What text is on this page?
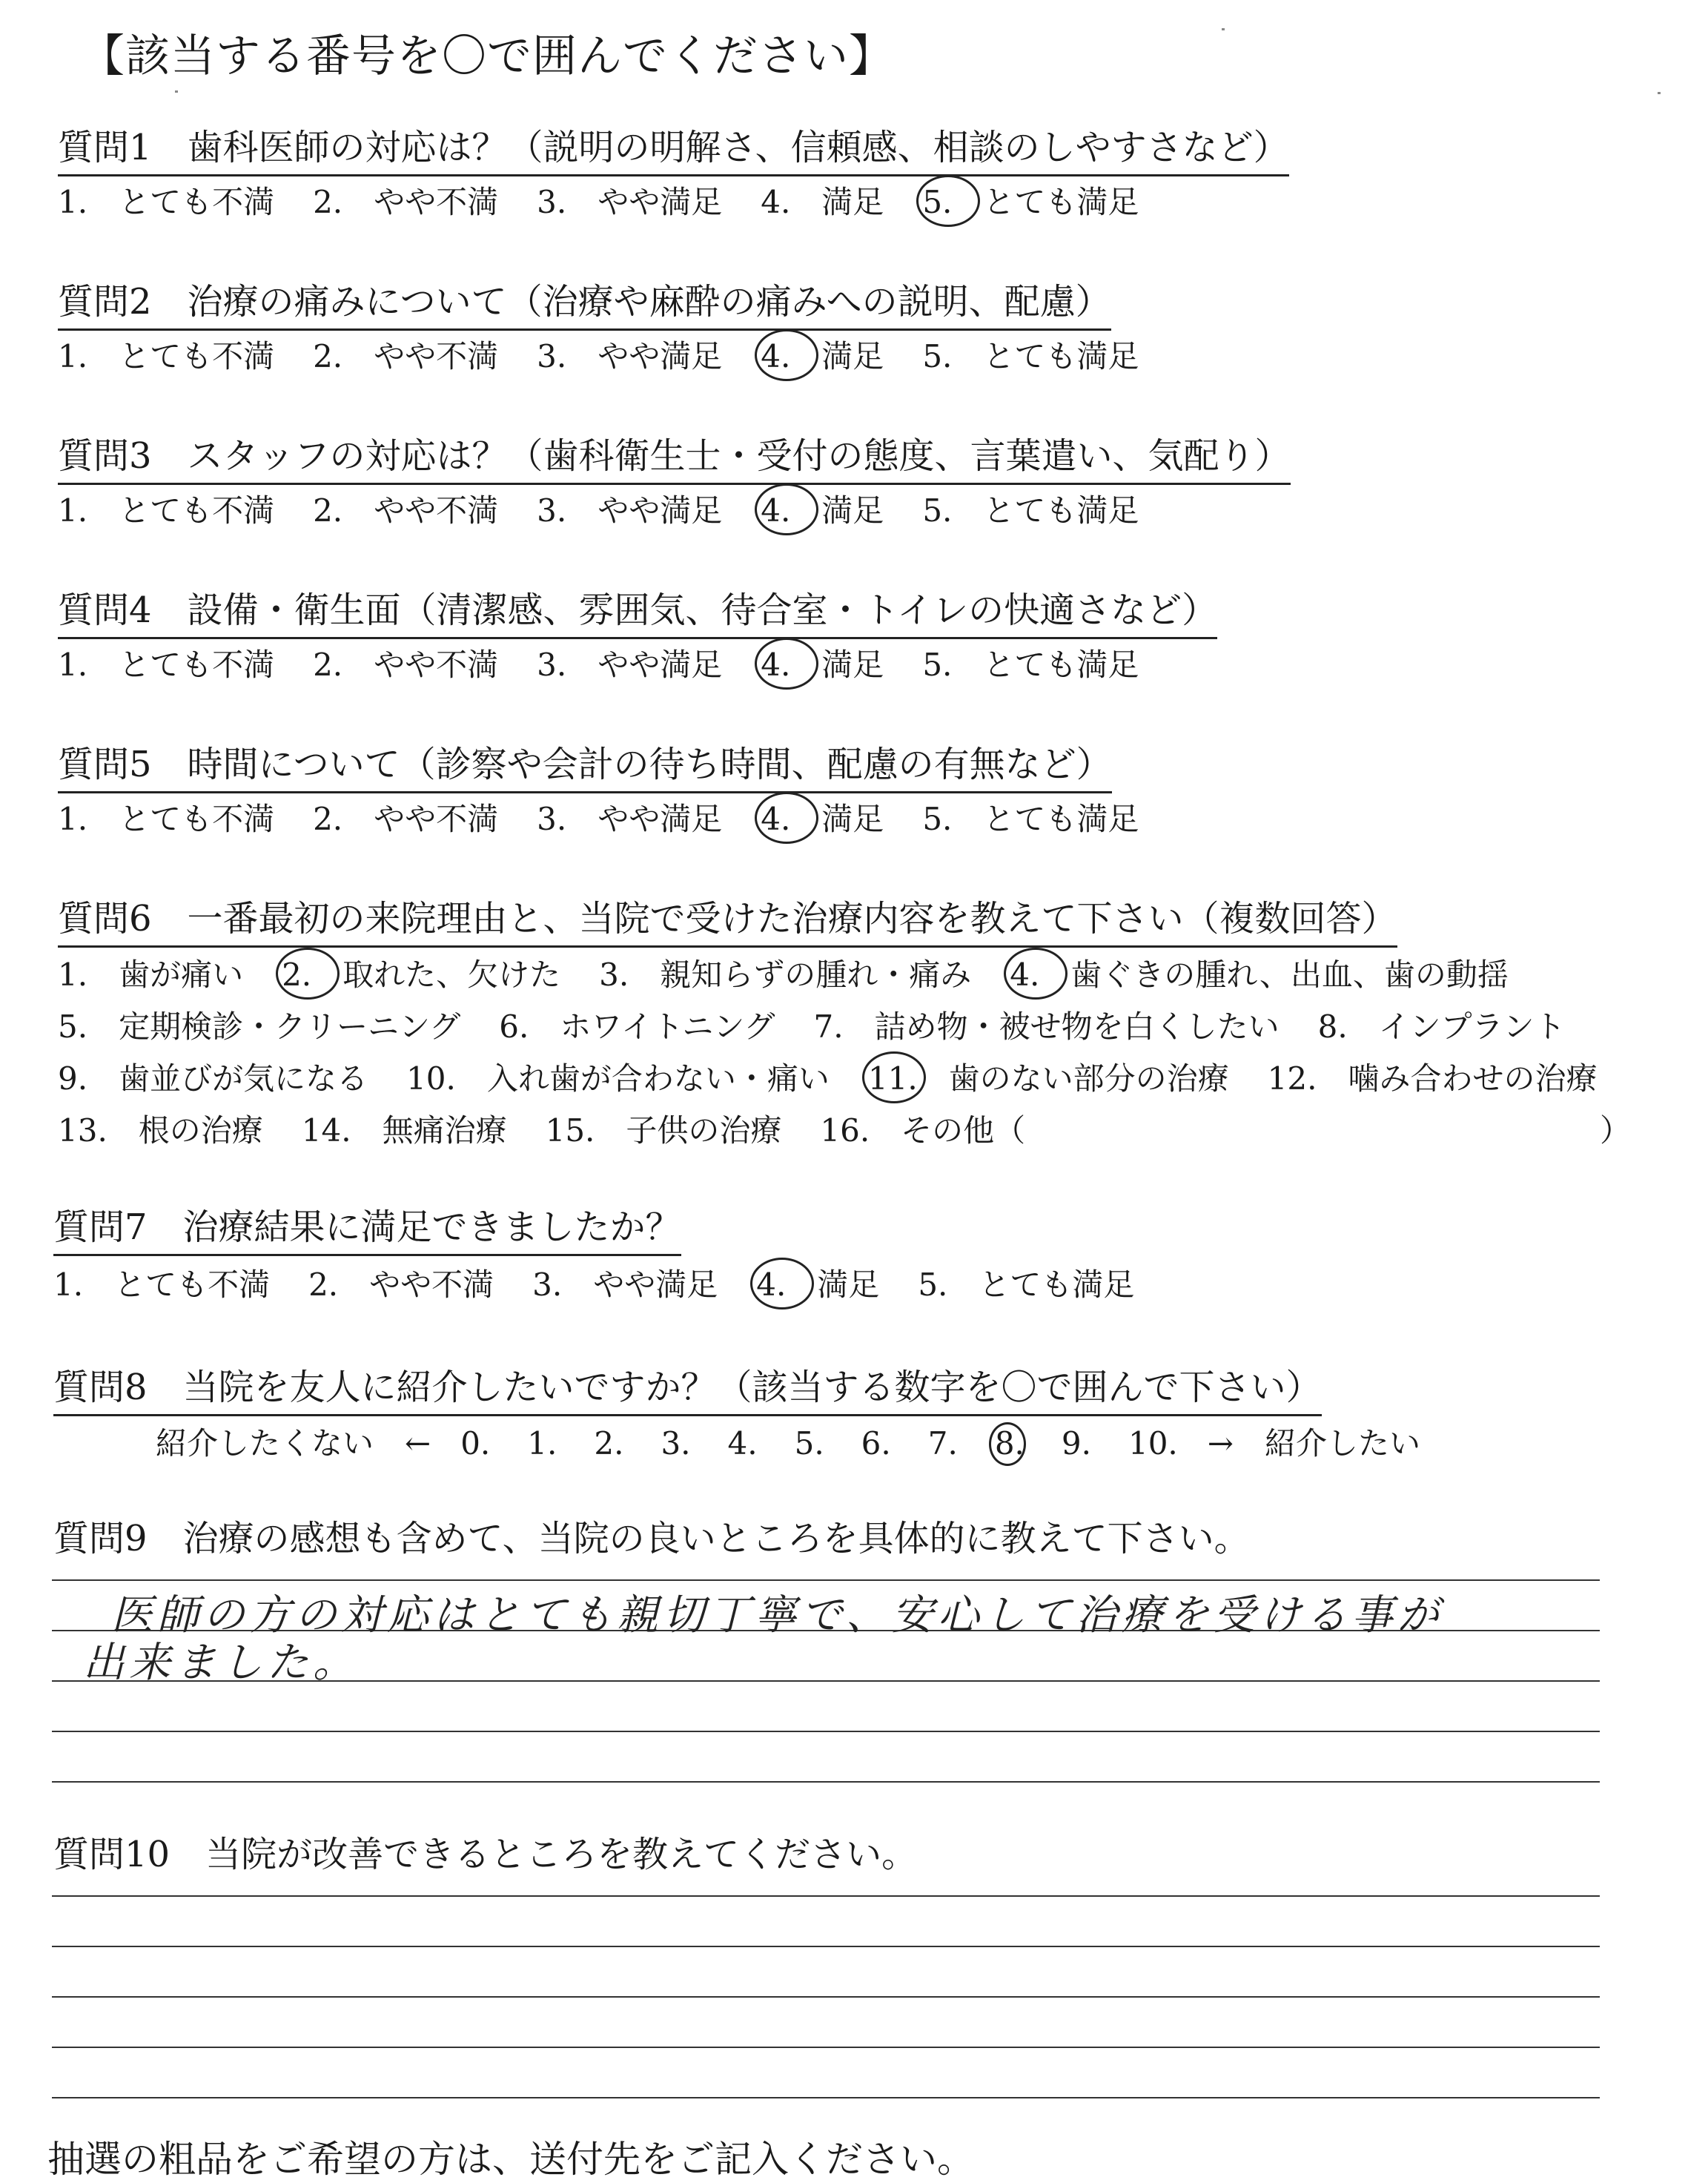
【該当する番号を〇で囲んでください】
質問1　歯科医師の対応は？（説明の明解さ、信頼感、相談のしやすさなど）
1.　とても不満 2.　やや不満 3.　やや満足 4.　満足 5.　とても満足
質問2　治療の痛みについて（治療や麻酔の痛みへの説明、配慮）
1.　とても不満 2.　やや不満 3.　やや満足 4.　満足 5.　とても満足
質問3　スタッフの対応は？（歯科衛生士・受付の態度、言葉遣い、気配り）
1.　とても不満 2.　やや不満 3.　やや満足 4.　満足 5.　とても満足
質問4　設備・衛生面（清潔感、雰囲気、待合室・トイレの快適さなど）
1.　とても不満 2.　やや不満 3.　やや満足 4.　満足 5.　とても満足
質問5　時間について（診察や会計の待ち時間、配慮の有無など）
1.　とても不満 2.　やや不満 3.　やや満足 4.　満足 5.　とても満足
質問6　一番最初の来院理由と、当院で受けた治療内容を教えて下さい（複数回答）
1.　歯が痛い 2.　取れた、欠けた 3.　親知らずの腫れ・痛み 4.　歯ぐきの腫れ、出血、歯の動揺
5.　定期検診・クリーニング 6.　ホワイトニング 7.　詰め物・被せ物を白くしたい 8.　インプラント
9.　歯並びが気になる 10.　入れ歯が合わない・痛い 11.　歯のない部分の治療 12.　噛み合わせの治療
13.　根の治療 14.　無痛治療 15.　子供の治療 16.　その他（	）
質問7　治療結果に満足できましたか？
1.　とても不満 2.　やや不満 3.　やや満足 4.　満足 5.　とても満足
質問8　当院を友人に紹介したいですか？（該当する数字を〇で囲んで下さい）
紹介したくない　← 0. 1. 2. 3. 4. 5. 6. 7. 8. 9. 10. →　紹介したい
質問9　治療の感想も含めて、当院の良いところを具体的に教えて下さい。
医師の方の対応はとても親切丁寧で、安心して治療を受ける事が
出来ました。
質問10　当院が改善できるところを教えてください。
抽選の粗品をご希望の方は、送付先をご記入ください。
